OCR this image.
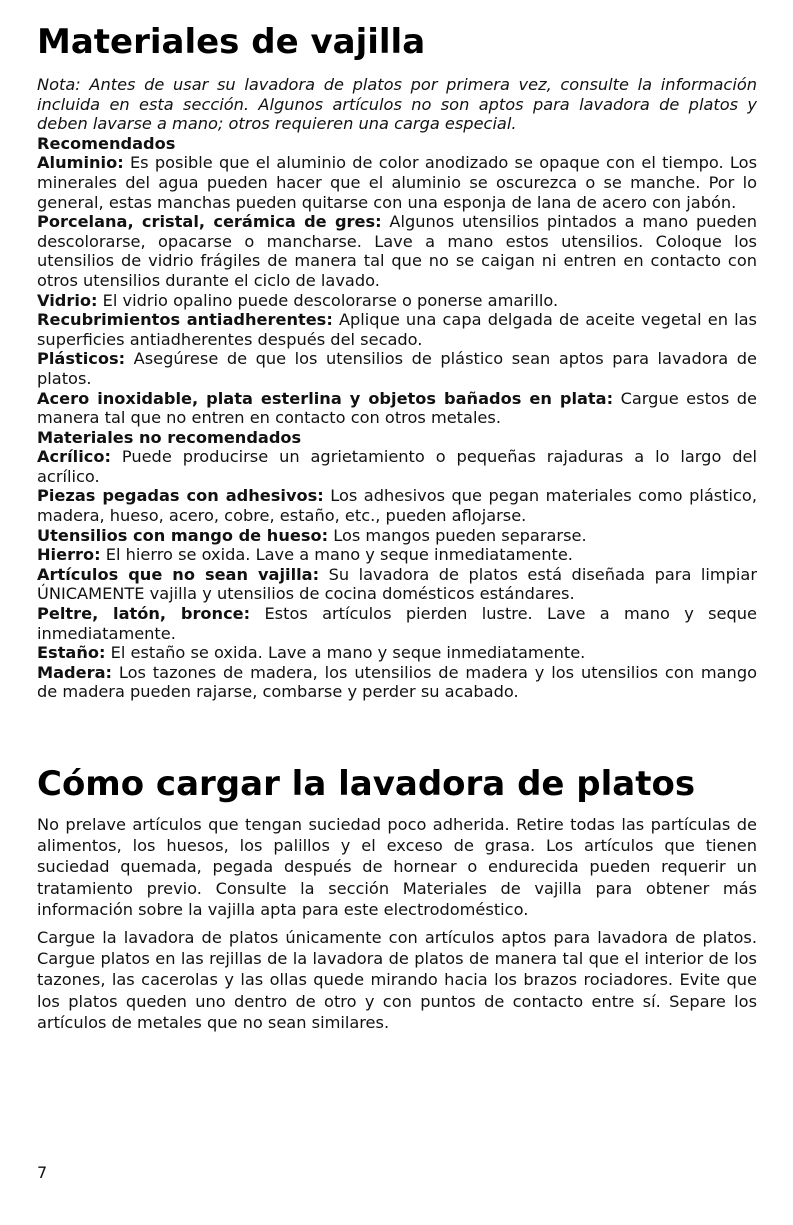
Materiales de vajilla

Nota: Antes de usar su lavadora de platos por primera vez, consulte la información incluida en esta sección. Algunos artículos no son aptos para lavadora de platos y deben lavarse a mano; otros requieren una carga especial.

Recomendados

Aluminio: Es posible que el aluminio de color anodizado se opaque con el tiempo. Los minerales del agua pueden hacer que el aluminio se oscurezca o se manche. Por lo general, estas manchas pueden quitarse con una esponja de lana de acero con jabón.

Porcelana, cristal, cerámica de gres: Algunos utensilios pintados a mano pueden descolorarse, opacarse o mancharse. Lave a mano estos utensilios. Coloque los utensilios de vidrio frágiles de manera tal que no se caigan ni entren en contacto con otros utensilios durante el ciclo de lavado.

Vidrio: El vidrio opalino puede descolorarse o ponerse amarillo.

Recubrimientos antiadherentes: Aplique una capa delgada de aceite vegetal en las superficies antiadherentes después del secado.

Plásticos: Asegúrese de que los utensilios de plástico sean aptos para lavadora de platos.

Acero inoxidable, plata esterlina y objetos bañados en plata: Cargue estos de manera tal que no entren en contacto con otros metales.

Materiales no recomendados

Acrílico: Puede producirse un agrietamiento o pequeñas rajaduras a lo largo del acrílico.

Piezas pegadas con adhesivos: Los adhesivos que pegan materiales como plástico, madera, hueso, acero, cobre, estaño, etc., pueden aflojarse.

Utensilios con mango de hueso: Los mangos pueden separarse.

Hierro: El hierro se oxida. Lave a mano y seque inmediatamente.

Artículos que no sean vajilla: Su lavadora de platos está diseñada para limpiar ÚNICAMENTE vajilla y utensilios de cocina domésticos estándares.

Peltre, latón, bronce: Estos artículos pierden lustre. Lave a mano y seque inmediatamente.

Estaño: El estaño se oxida. Lave a mano y seque inmediatamente.

Madera: Los tazones de madera, los utensilios de madera y los utensilios con mango de madera pueden rajarse, combarse y perder su acabado.

Cómo cargar la lavadora de platos

No prelave artículos que tengan suciedad poco adherida. Retire todas las partículas de alimentos, los huesos, los palillos y el exceso de grasa. Los artículos que tienen suciedad quemada, pegada después de hornear o endurecida pueden requerir un tratamiento previo. Consulte la sección Materiales de vajilla para obtener más información sobre la vajilla apta para este electrodoméstico.

Cargue la lavadora de platos únicamente con artículos aptos para lavadora de platos. Cargue platos en las rejillas de la lavadora de platos de manera tal que el interior de los tazones, las cacerolas y las ollas quede mirando hacia los brazos rociadores. Evite que los platos queden uno dentro de otro y con puntos de contacto entre sí. Separe los artículos de metales que no sean similares.

7
